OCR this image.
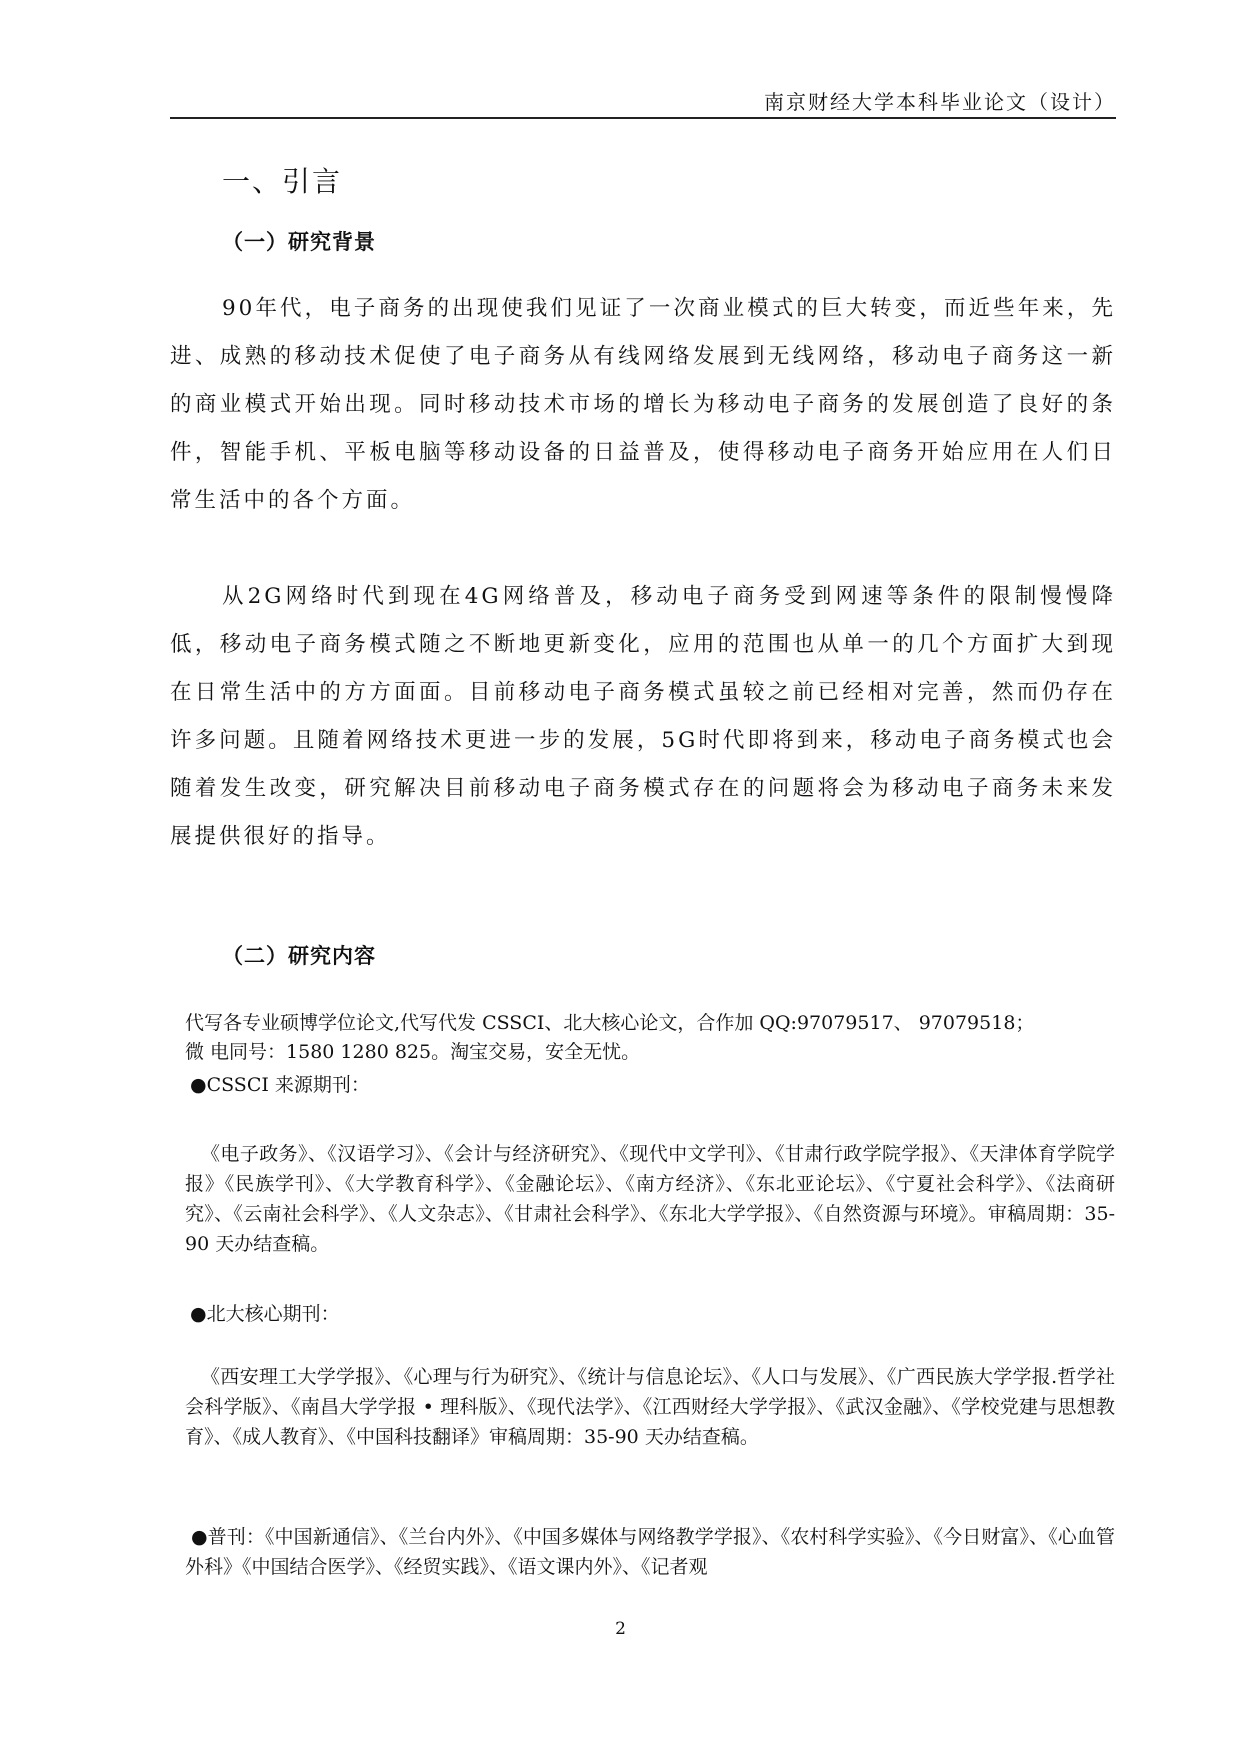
南京财经大学本科毕业论文（设计）
一、引言
（一）研究背景

90年代，电子商务的出现使我们见证了一次商业模式的巨大转变，而近些年来，先进、成熟的移动技术促使了电子商务从有线网络发展到无线网络，移动电子商务这一新的商业模式开始出现。同时移动技术市场的增长为移动电子商务的发展创造了良好的条件，智能手机、平板电脑等移动设备的日益普及，使得移动电子商务开始应用在人们日常生活中的各个方面。

从2G网络时代到现在4G网络普及，移动电子商务受到网速等条件的限制慢慢降低，移动电子商务模式随之不断地更新变化，应用的范围也从单一的几个方面扩大到现在日常生活中的方方面面。目前移动电子商务模式虽较之前已经相对完善，然而仍存在许多问题。且随着网络技术更进一步的发展，5G时代即将到来，移动电子商务模式也会随着发生改变，研究解决目前移动电子商务模式存在的问题将会为移动电子商务未来发展提供很好的指导。

（二）研究内容

代写各专业硕博学位论文,代写代发 CSSCI、北大核心论文，合作加 QQ:97079517、 97079518；
微 电同号：1580 1280 825。淘宝交易，安全无忧。

●CSSCI 来源期刊：

《电子政务》、《汉语学习》、《会计与经济研究》、《现代中文学刊》、《甘肃行政学院学报》、《天津体育学院学报》《民族学刊》、《大学教育科学》、《金融论坛》、《南方经济》、《东北亚论坛》、《宁夏社会科学》、《法商研究》、《云南社会科学》、《人文杂志》、《甘肃社会科学》、《东北大学学报》、《自然资源与环境》。审稿周期：35-90 天办结查稿。

●北大核心期刊：

《西安理工大学学报》、《心理与行为研究》、《统计与信息论坛》、《人口与发展》、《广西民族大学学报.哲学社会科学版》、《南昌大学学报 • 理科版》、《现代法学》、《江西财经大学学报》、《武汉金融》、《学校党建与思想教育》、《成人教育》、《中国科技翻译》审稿周期：35-90 天办结查稿。

●普刊：《中国新通信》、《兰台内外》、《中国多媒体与网络教学学报》、《农村科学实验》、《今日财富》、《心血管外科》《中国结合医学》、《经贸实践》、《语文课内外》、《记者观

2
